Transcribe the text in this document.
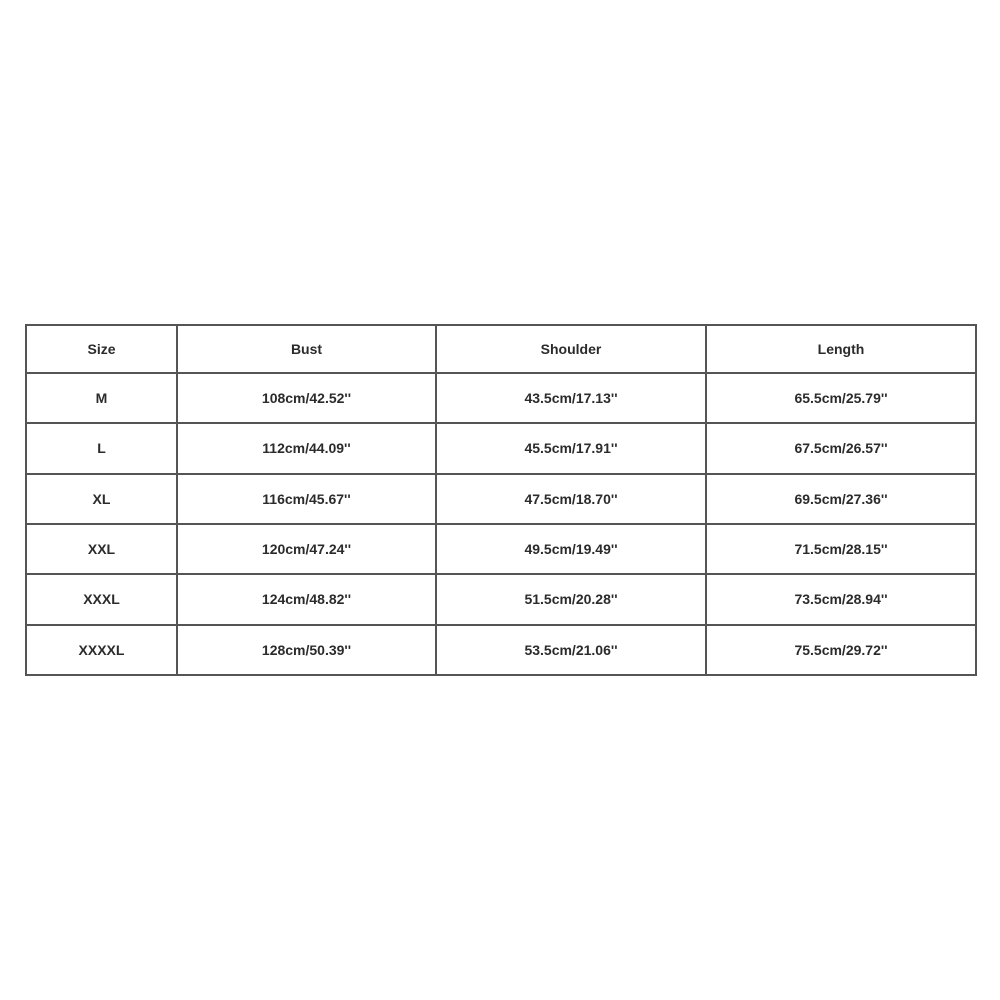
Size	Bust	Shoulder	Length
M	108cm/42.52''	43.5cm/17.13''	65.5cm/25.79''
L	112cm/44.09''	45.5cm/17.91''	67.5cm/26.57''
XL	116cm/45.67''	47.5cm/18.70''	69.5cm/27.36''
XXL	120cm/47.24''	49.5cm/19.49''	71.5cm/28.15''
XXXL	124cm/48.82''	51.5cm/20.28''	73.5cm/28.94''
XXXXL	128cm/50.39''	53.5cm/21.06''	75.5cm/29.72''
